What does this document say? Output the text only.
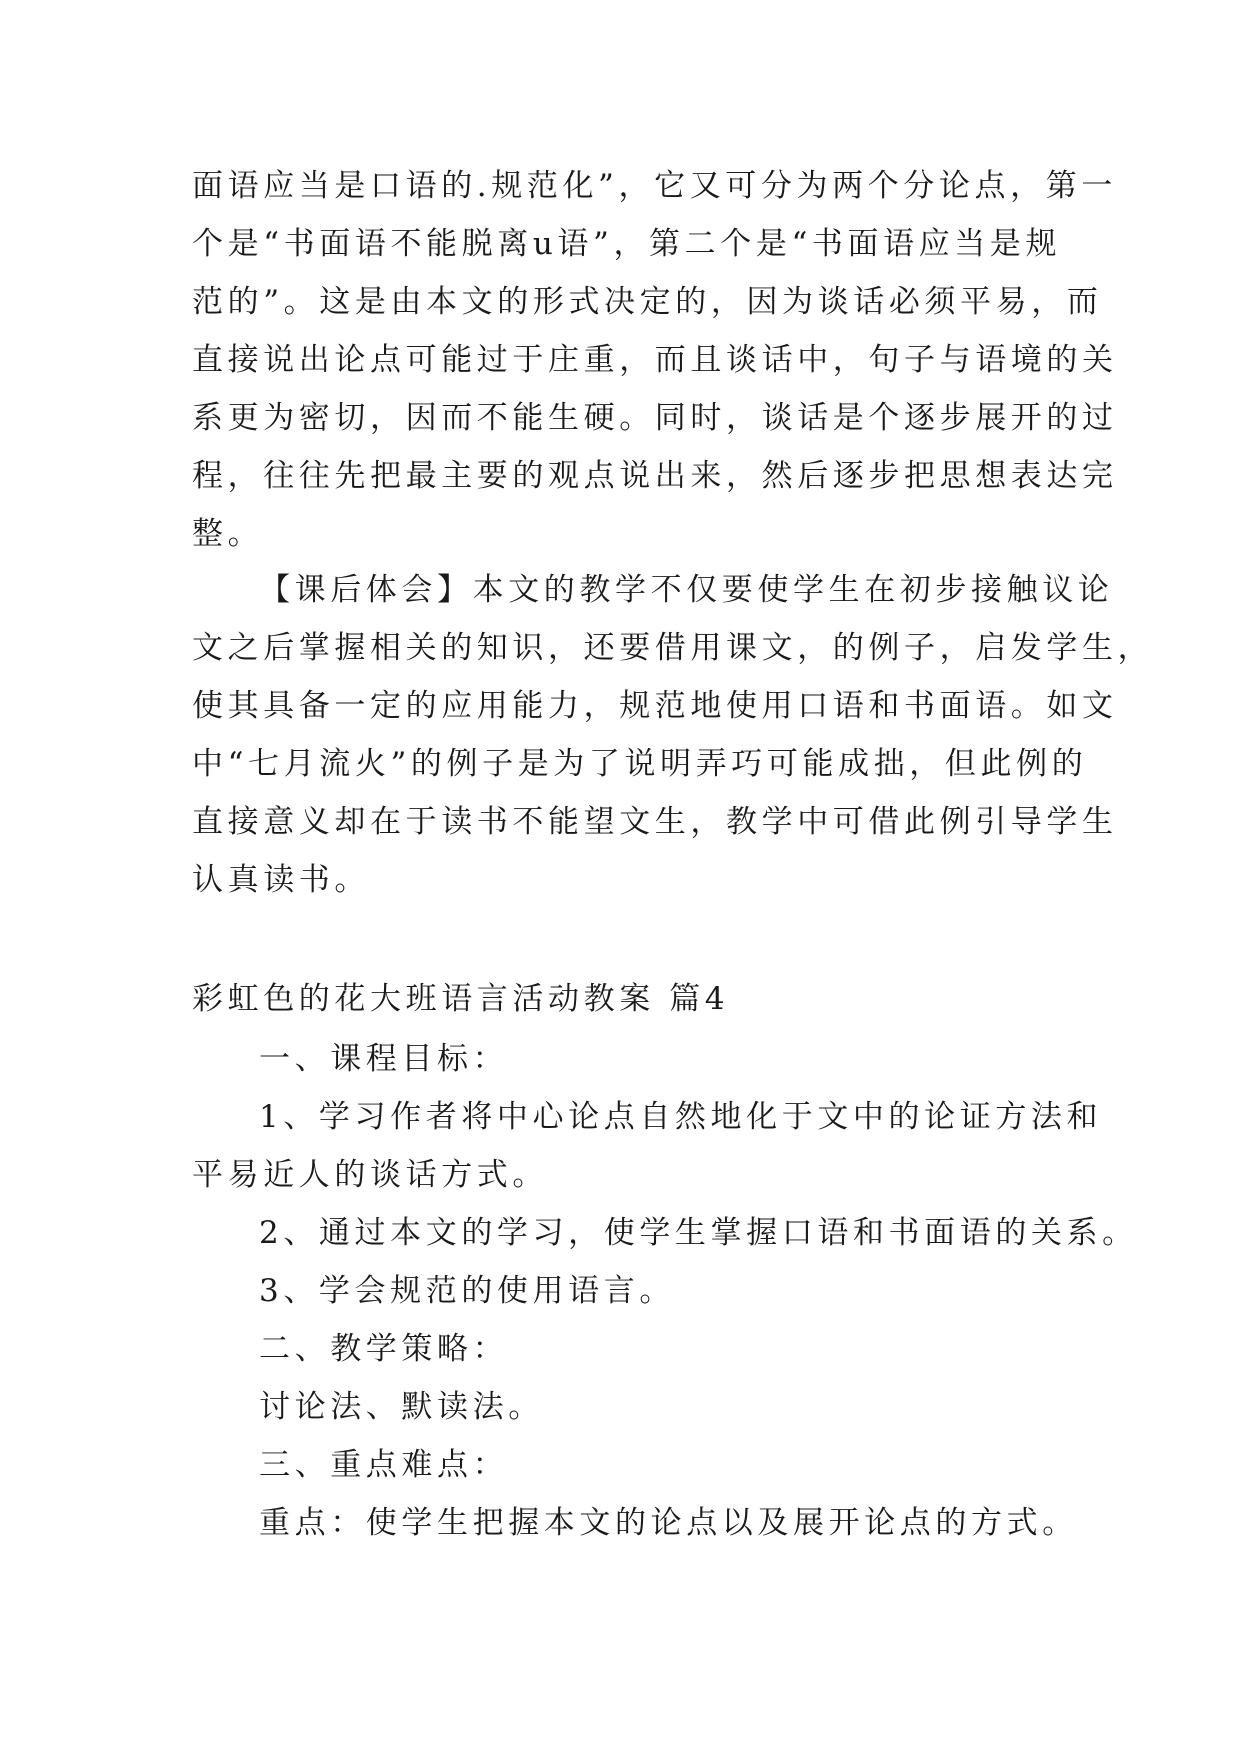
面语应当是口语的.规范化”，它又可分为两个分论点，第一
个是“书面语不能脱离u语”，第二个是“书面语应当是规
范的”。这是由本文的形式决定的，因为谈话必须平易，而
直接说出论点可能过于庄重，而且谈话中，句子与语境的关
系更为密切，因而不能生硬。同时，谈话是个逐步展开的过
程，往往先把最主要的观点说出来，然后逐步把思想表达完
整。
【课后体会】本文的教学不仅要使学生在初步接触议论
文之后掌握相关的知识，还要借用课文，的例子，启发学生，
使其具备一定的应用能力，规范地使用口语和书面语。如文
中“七月流火”的例子是为了说明弄巧可能成拙，但此例的
直接意义却在于读书不能望文生，教学中可借此例引导学生
认真读书。
彩虹色的花大班语言活动教案 篇4
一、课程目标：
1、学习作者将中心论点自然地化于文中的论证方法和
平易近人的谈话方式。
2、通过本文的学习，使学生掌握口语和书面语的关系。
3、学会规范的使用语言。
二、教学策略：
讨论法、默读法。
三、重点难点：
重点：使学生把握本文的论点以及展开论点的方式。
